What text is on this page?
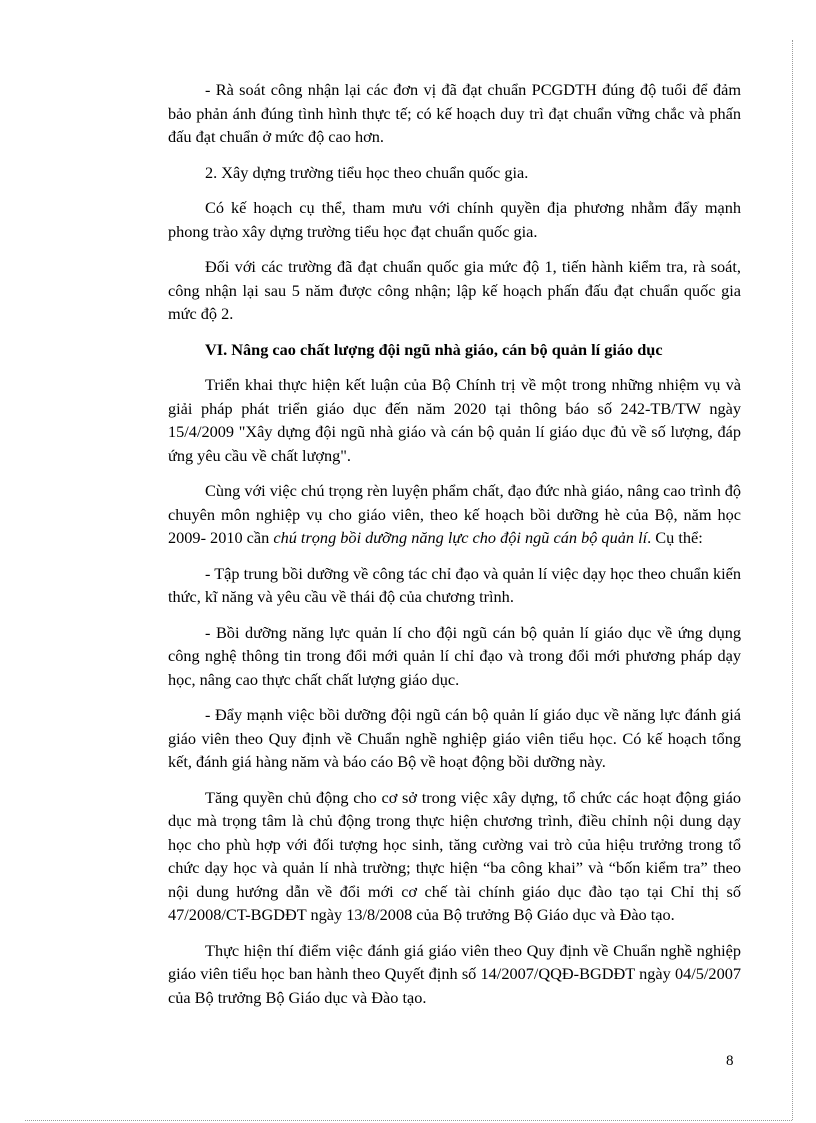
- Rà soát công nhận lại các đơn vị đã đạt chuẩn PCGDTH đúng độ tuổi để đảm bảo phản ánh đúng tình hình thực tế; có kế hoạch duy trì đạt chuẩn vững chắc và phấn đấu đạt chuẩn ở mức độ cao hơn.

2. Xây dựng trường tiểu học theo chuẩn quốc gia.

Có kế hoạch cụ thể, tham mưu với chính quyền địa phương nhằm đẩy mạnh phong trào xây dựng trường tiểu học đạt chuẩn quốc gia.

Đối với các trường đã đạt chuẩn quốc gia mức độ 1, tiến hành kiểm tra, rà soát, công nhận lại sau 5 năm được công nhận; lập kế hoạch phấn đấu đạt chuẩn quốc gia mức độ 2.

VI. Nâng cao chất lượng đội ngũ nhà giáo, cán bộ quản lí giáo dục

Triển khai thực hiện kết luận của Bộ Chính trị về một trong những nhiệm vụ và giải pháp phát triển giáo dục đến năm 2020 tại thông báo số 242-TB/TW ngày 15/4/2009 "Xây dựng đội ngũ nhà giáo và cán bộ quản lí giáo dục đủ về số lượng, đáp ứng yêu cầu về chất lượng".

Cùng với việc chú trọng rèn luyện phẩm chất, đạo đức nhà giáo, nâng cao trình độ chuyên môn nghiệp vụ cho giáo viên, theo kế hoạch bồi dưỡng hè của Bộ, năm học 2009- 2010 cần chú trọng bồi dưỡng năng lực cho đội ngũ cán bộ quản lí. Cụ thể:

- Tập trung bồi dưỡng về công tác chỉ đạo và quản lí việc dạy học theo chuẩn kiến thức, kĩ năng và yêu cầu về thái độ của chương trình.

- Bồi dưỡng năng lực quản lí cho đội ngũ cán bộ quản lí giáo dục về ứng dụng công nghệ thông tin trong đổi mới quản lí chỉ đạo và trong đổi mới phương pháp dạy học, nâng cao thực chất chất lượng giáo dục.

- Đẩy mạnh việc bồi dưỡng đội ngũ cán bộ quản lí giáo dục về năng lực đánh giá giáo viên theo Quy định về Chuẩn nghề nghiệp giáo viên tiểu học. Có kế hoạch tổng kết, đánh giá hàng năm và báo cáo Bộ về hoạt động bồi dưỡng này.

Tăng quyền chủ động cho cơ sở trong việc xây dựng, tổ chức các hoạt động giáo dục mà trọng tâm là chủ động trong thực hiện chương trình, điều chỉnh nội dung dạy học cho phù hợp với đối tượng học sinh, tăng cường vai trò của hiệu trưởng trong tổ chức dạy học và quản lí nhà trường; thực hiện “ba công khai” và “bốn kiểm tra” theo nội dung hướng dẫn về đổi mới cơ chế tài chính giáo dục đào tạo tại Chỉ thị số 47/2008/CT-BGDĐT ngày 13/8/2008 của Bộ trưởng Bộ Giáo dục và Đào tạo.

Thực hiện thí điểm việc đánh giá giáo viên theo Quy định về Chuẩn nghề nghiệp giáo viên tiểu học ban hành theo Quyết định số 14/2007/QQĐ-BGDĐT ngày 04/5/2007 của Bộ trưởng Bộ Giáo dục và Đào tạo.

8
